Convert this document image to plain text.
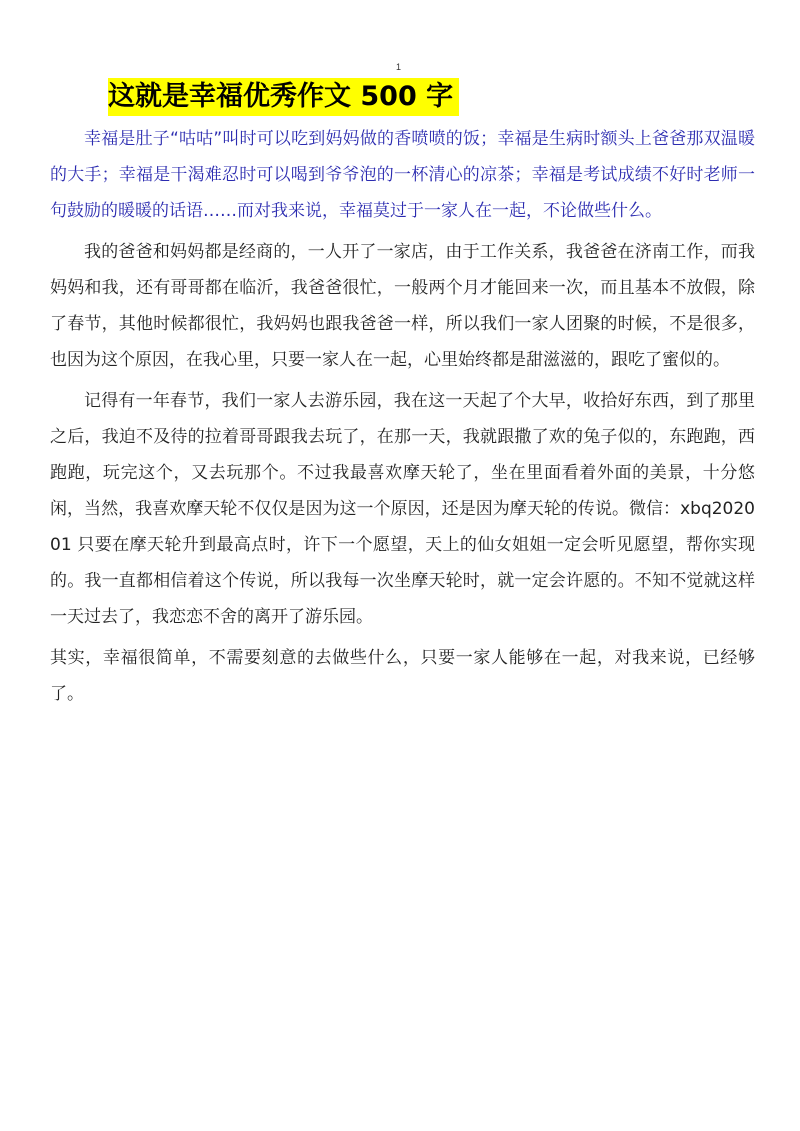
1
这就是幸福优秀作文 500 字

幸福是肚子“咕咕”叫时可以吃到妈妈做的香喷喷的饭；幸福是生病时额头上爸爸那双温暖的大手；幸福是干渴难忍时可以喝到爷爷泡的一杯清心的凉茶；幸福是考试成绩不好时老师一句鼓励的暖暖的话语……而对我来说，幸福莫过于一家人在一起，不论做些什么。

我的爸爸和妈妈都是经商的，一人开了一家店，由于工作关系，我爸爸在济南工作，而我妈妈和我，还有哥哥都在临沂，我爸爸很忙，一般两个月才能回来一次，而且基本不放假，除了春节，其他时候都很忙，我妈妈也跟我爸爸一样，所以我们一家人团聚的时候，不是很多，也因为这个原因，在我心里，只要一家人在一起，心里始终都是甜滋滋的，跟吃了蜜似的。

记得有一年春节，我们一家人去游乐园，我在这一天起了个大早，收拾好东西，到了那里之后，我迫不及待的拉着哥哥跟我去玩了，在那一天，我就跟撒了欢的兔子似的，东跑跑，西跑跑，玩完这个，又去玩那个。不过我最喜欢摩天轮了，坐在里面看着外面的美景，十分悠闲，当然，我喜欢摩天轮不仅仅是因为这一个原因，还是因为摩天轮的传说。微信：xbq202001 只要在摩天轮升到最高点时，许下一个愿望，天上的仙女姐姐一定会听见愿望，帮你实现的。我一直都相信着这个传说，所以我每一次坐摩天轮时，就一定会许愿的。不知不觉就这样一天过去了，我恋恋不舍的离开了游乐园。

其实，幸福很简单，不需要刻意的去做些什么，只要一家人能够在一起，对我来说，已经够了。
